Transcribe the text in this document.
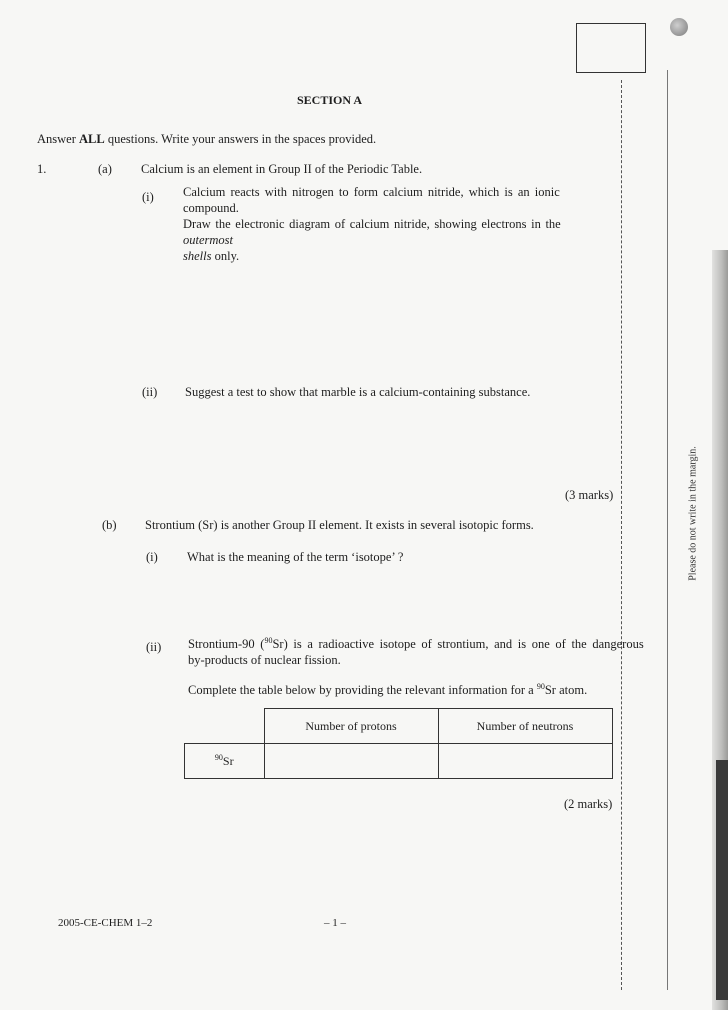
Please do not write in the margin.
SECTION A
Answer ALL questions. Write your answers in the spaces provided.
1.	(a) Calcium is an element in Group II of the Periodic Table.
(i) Calcium reacts with nitrogen to form calcium nitride, which is an ionic compound.
Draw the electronic diagram of calcium nitride, showing electrons in the outermost
shells only.
(ii) Suggest a test to show that marble is a calcium-containing substance.
(3 marks)
(b) Strontium (Sr) is another Group II element. It exists in several isotopic forms.
(i) What is the meaning of the term ‘isotope’ ?
(ii) Strontium-90 ($^{90}$Sr) is a radioactive isotope of strontium, and is one of the dangerous
by-products of nuclear fission.
Complete the table below by providing the relevant information for a $^{90}$Sr atom.
	Number of protons	Number of neutrons
$^{90}$Sr		
(2 marks)
2005-CE-CHEM 1–2	– 1 –
